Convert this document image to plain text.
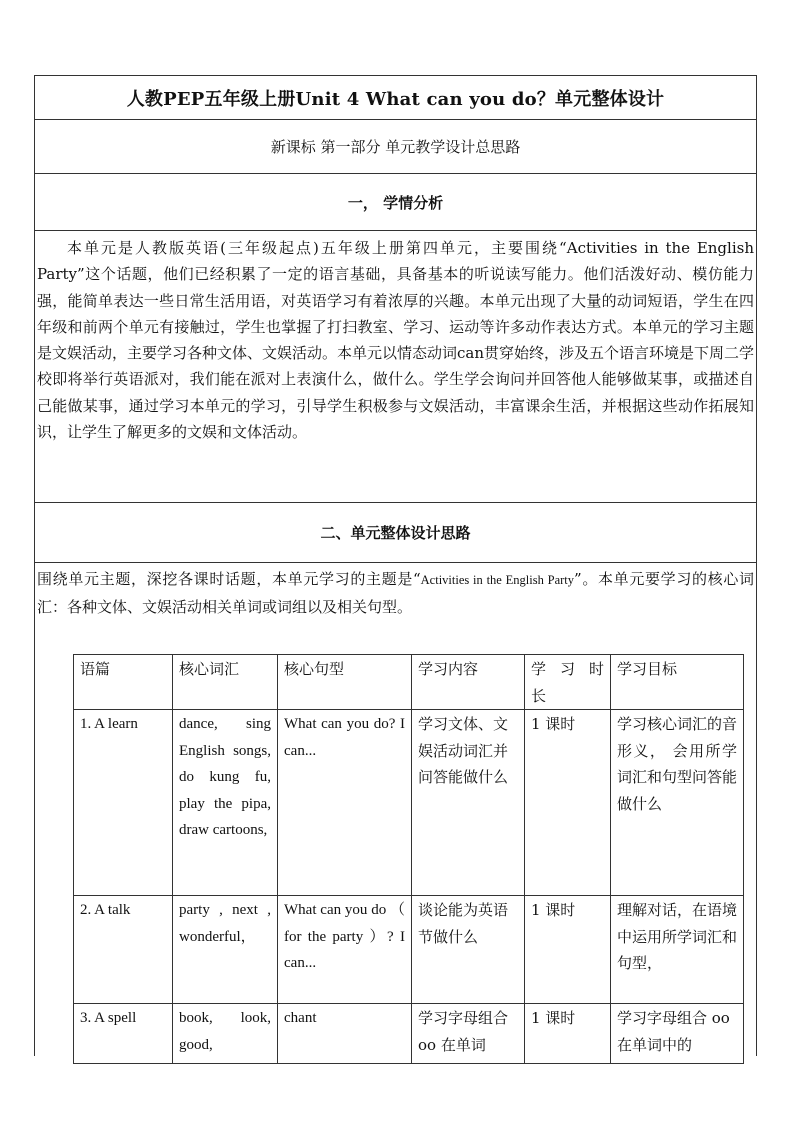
人教PEP五年级上册Unit 4 What can you do？单元整体设计
新课标 第一部分 单元教学设计总思路
一， 学情分析
本单元是人教版英语(三年级起点)五年级上册第四单元，主要围绕“Activities in the English Party”这个话题，他们已经积累了一定的语言基础，具备基本的听说读写能力。他们活泼好动、模仿能力强，能简单表达一些日常生活用语，对英语学习有着浓厚的兴趣。本单元出现了大量的动词短语，学生在四年级和前两个单元有接触过，学生也掌握了打扫教室、学习、运动等许多动作表达方式。本单元的学习主题是文娱活动，主要学习各种文体、文娱活动。本单元以情态动词can贯穿始终，涉及五个语言环境是下周二学校即将举行英语派对，我们能在派对上表演什么，做什么。学生学会询问并回答他人能够做某事，或描述自己能做某事，通过学习本单元的学习，引导学生积极参与文娱活动，丰富课余生活，并根据这些动作拓展知识，让学生了解更多的文娱和文体活动。
二、单元整体设计思路
围绕单元主题，深挖各课时话题，本单元学习的主题是“Activities in the English Party”。本单元要学习的核心词汇：各种文体、文娱活动相关单词或词组以及相关句型。
语篇	核心词汇	核心句型	学习内容	学 习 时 长	学习目标
1. A learn	dance, sing English songs, do kung fu, play the pipa, draw cartoons,	What can you do? I can...	学习文体、文娱活动词汇并问答能做什么	1 课时	学习核心词汇的音形义， 会用所学词汇和句型问答能做什么
2. A talk	party , next , wonderful，	What can you do （ for the party ）? I can...	谈论能为英语节做什么	1 课时	理解对话，在语境中运用所学词汇和句型，
3. A spell	book, look, good,	chant	学习字母组合 oo 在单词	1 课时	学习字母组合 oo 在单词中的
